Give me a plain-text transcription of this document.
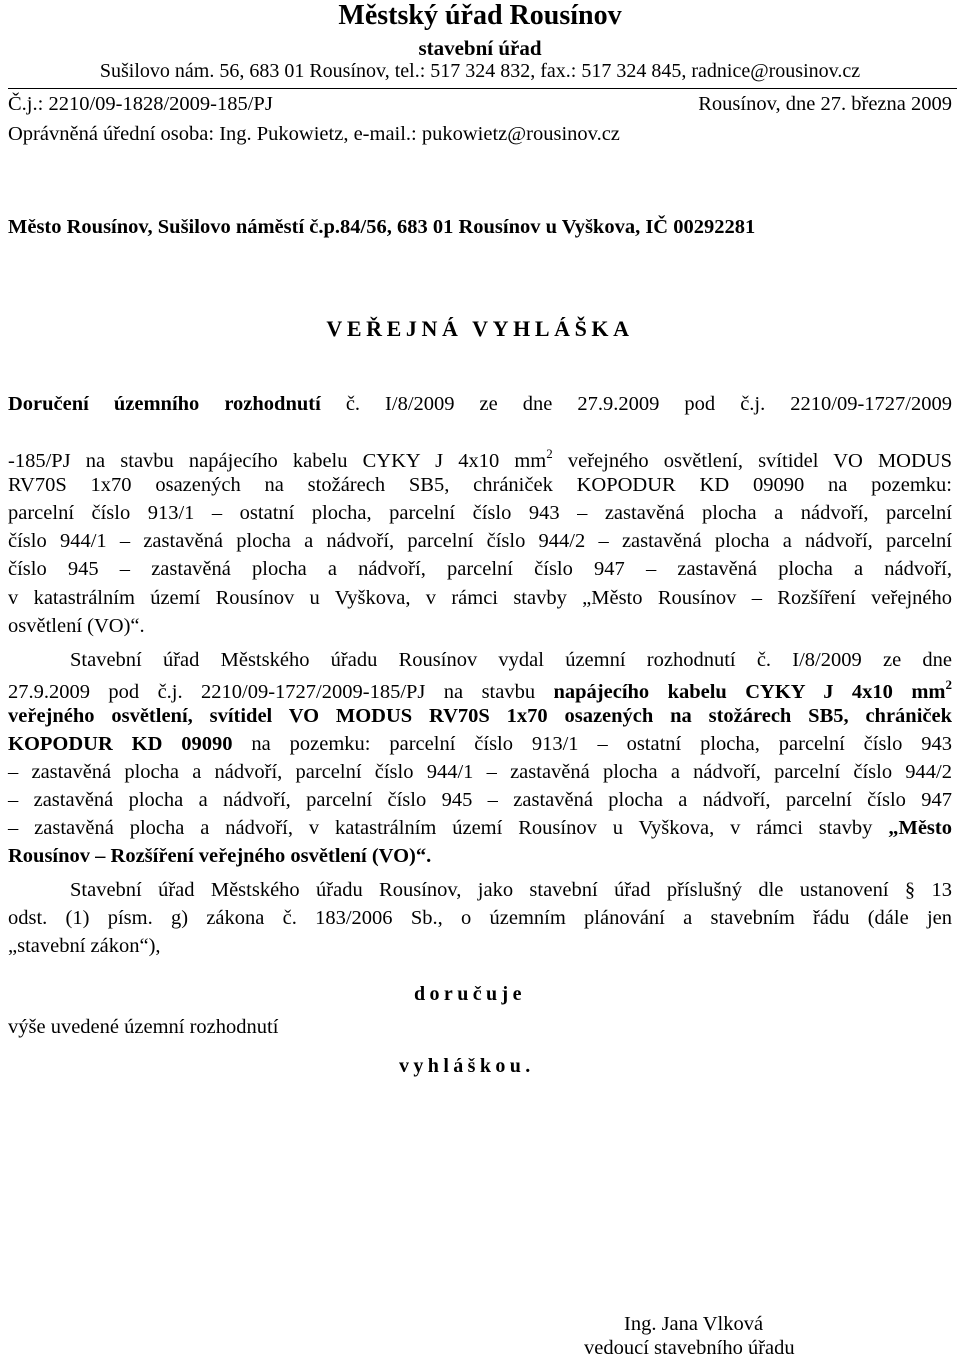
Městský úřad Rousínov
stavební úřad
Sušilovo nám. 56, 683 01 Rousínov, tel.: 517 324 832, fax.: 517 324 845, radnice@rousinov.cz
Č.j.: 2210/09-1828/2009-185/PJ	Rousínov, dne 27. března 2009
Oprávněná úřední osoba: Ing. Pukowietz, e-mail.: pukowietz@rousinov.cz
Město Rousínov, Sušilovo náměstí č.p.84/56, 683 01 Rousínov u Vyškova, IČ 00292281
VEŘEJNÁ VYHLÁŠKA
Doručení územního rozhodnutí č. I/8/2009 ze dne 27.9.2009 pod č.j. 2210/09-1727/2009
-185/PJ na stavbu napájecího kabelu CYKY J 4x10 $mm^2$ veřejného osvětlení, svítidel VO MODUS
RV70S 1x70 osazených na stožárech SB5, chrániček KOPODUR KD 09090 na pozemku:
parcelní číslo 913/1 – ostatní plocha, parcelní číslo 943 – zastavěná plocha a nádvoří, parcelní
číslo 944/1 – zastavěná plocha a nádvoří, parcelní číslo 944/2 – zastavěná plocha a nádvoří, parcelní
číslo 945 – zastavěná plocha a nádvoří, parcelní číslo 947 – zastavěná plocha a nádvoří,
v katastrálním území Rousínov u Vyškova, v rámci stavby „Město Rousínov – Rozšíření veřejného
osvětlení (VO)“.
Stavební úřad Městského úřadu Rousínov vydal územní rozhodnutí č. I/8/2009 ze dne
27.9.2009 pod č.j. 2210/09-1727/2009-185/PJ na stavbu napájecího kabelu CYKY J 4x10 $mm^2$
veřejného osvětlení, svítidel VO MODUS RV70S 1x70 osazených na stožárech SB5, chrániček
KOPODUR KD 09090 na pozemku: parcelní číslo 913/1 – ostatní plocha, parcelní číslo 943
– zastavěná plocha a nádvoří, parcelní číslo 944/1 – zastavěná plocha a nádvoří, parcelní číslo 944/2
– zastavěná plocha a nádvoří, parcelní číslo 945 – zastavěná plocha a nádvoří, parcelní číslo 947
– zastavěná plocha a nádvoří, v katastrálním území Rousínov u Vyškova, v rámci stavby „Město
Rousínov – Rozšíření veřejného osvětlení (VO)“.
Stavební úřad Městského úřadu Rousínov, jako stavební úřad příslušný dle ustanovení § 13
odst. (1) písm. g) zákona č. 183/2006 Sb., o územním plánování a stavebním řádu (dále jen
„stavební zákon“),
doručuje
výše uvedené územní rozhodnutí
vyhláškou.
Ing. Jana Vlková
vedoucí stavebního úřadu
